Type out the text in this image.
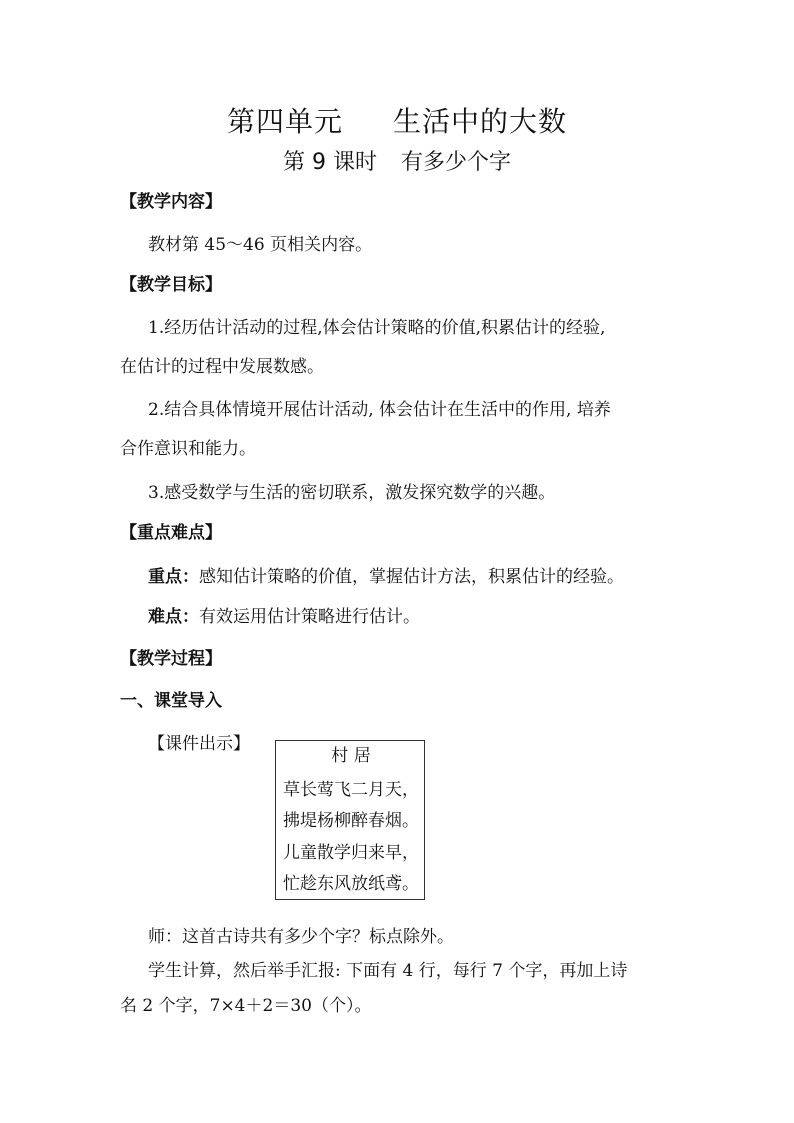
第四单元 生活中的大数
第 9 课时 有多少个字
【教学内容】
教材第 45～46 页相关内容。
【教学目标】
1.经历估计活动的过程,体会估计策略的价值,积累估计的经验,
在估计的过程中发展数感。
2.结合具体情境开展估计活动, 体会估计在生活中的作用, 培养
合作意识和能力。
3.感受数学与生活的密切联系，激发探究数学的兴趣。
【重点难点】
重点：感知估计策略的价值，掌握估计方法，积累估计的经验。
难点：有效运用估计策略进行估计。
【教学过程】
一、课堂导入
【课件出示】
村 居
草长莺飞二月天，
拂堤杨柳醉春烟。
儿童散学归来早，
忙趁东风放纸鸢。
师：这首古诗共有多少个字？标点除外。
学生计算，然后举手汇报: 下面有 4 行，每行 7 个字，再加上诗
名 2 个字，7×4＋2＝30（个）。
